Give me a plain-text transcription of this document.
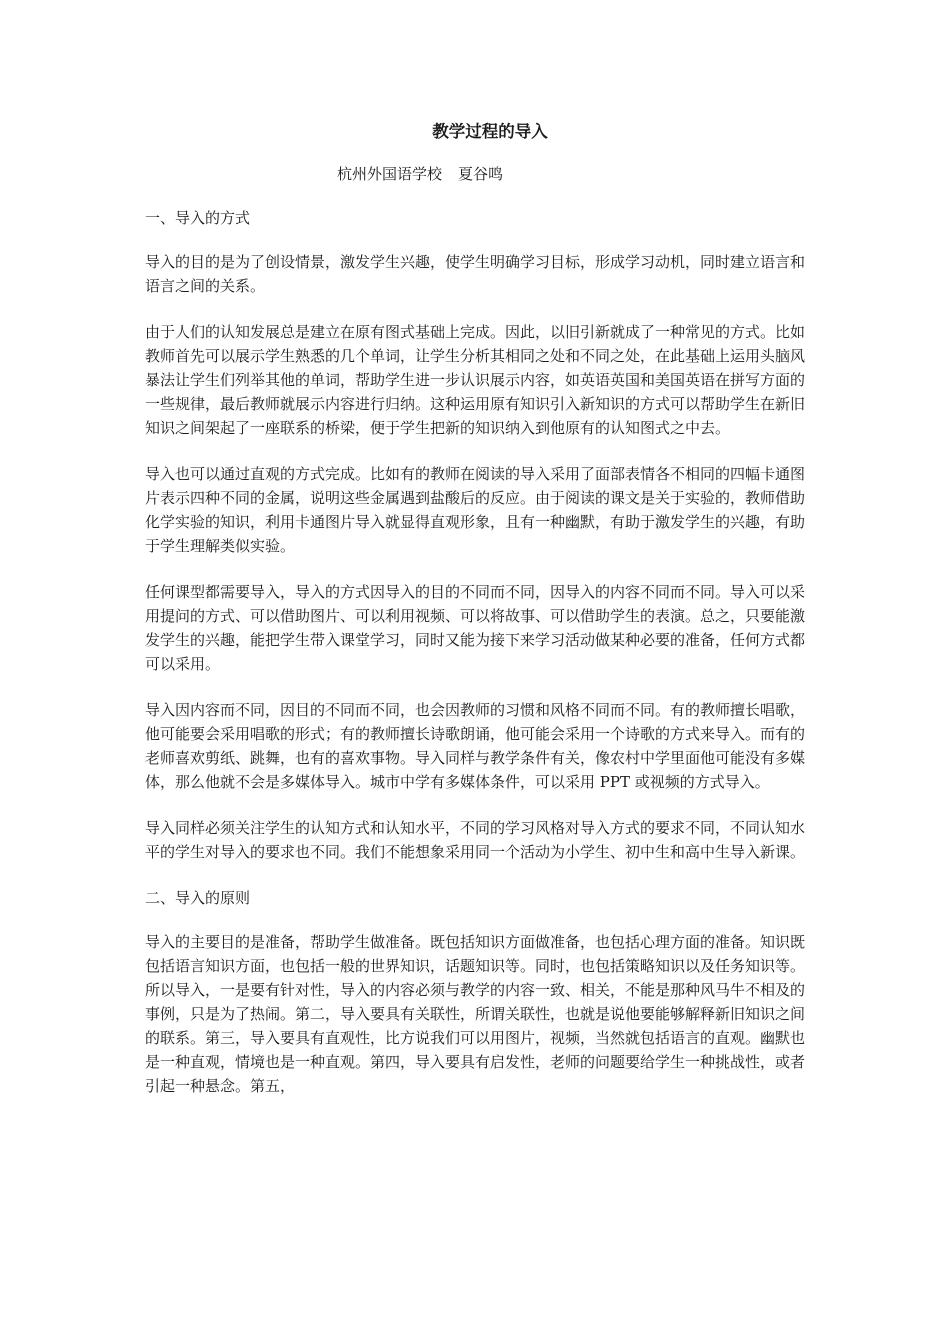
教学过程的导入
杭州外国语学校 夏谷鸣
一、导入的方式

导入的目的是为了创设情景，激发学生兴趣，使学生明确学习目标，形成学习动机，同时建立语言和语言之间的关系。

由于人们的认知发展总是建立在原有图式基础上完成。因此，以旧引新就成了一种常见的方式。比如教师首先可以展示学生熟悉的几个单词，让学生分析其相同之处和不同之处，在此基础上运用头脑风暴法让学生们列举其他的单词，帮助学生进一步认识展示内容，如英语英国和美国英语在拼写方面的一些规律，最后教师就展示内容进行归纳。这种运用原有知识引入新知识的方式可以帮助学生在新旧知识之间架起了一座联系的桥梁，便于学生把新的知识纳入到他原有的认知图式之中去。

导入也可以通过直观的方式完成。比如有的教师在阅读的导入采用了面部表情各不相同的四幅卡通图片表示四种不同的金属，说明这些金属遇到盐酸后的反应。由于阅读的课文是关于实验的，教师借助化学实验的知识，利用卡通图片导入就显得直观形象，且有一种幽默，有助于激发学生的兴趣，有助于学生理解类似实验。

任何课型都需要导入，导入的方式因导入的目的不同而不同，因导入的内容不同而不同。导入可以采用提问的方式、可以借助图片、可以利用视频、可以将故事、可以借助学生的表演。总之，只要能激发学生的兴趣，能把学生带入课堂学习，同时又能为接下来学习活动做某种必要的准备，任何方式都可以采用。

导入因内容而不同，因目的不同而不同，也会因教师的习惯和风格不同而不同。有的教师擅长唱歌，他可能要会采用唱歌的形式；有的教师擅长诗歌朗诵，他可能会采用一个诗歌的方式来导入。而有的老师喜欢剪纸、跳舞，也有的喜欢事物。导入同样与教学条件有关，像农村中学里面他可能没有多媒体，那么他就不会是多媒体导入。城市中学有多媒体条件，可以采用 PPT 或视频的方式导入。

导入同样必须关注学生的认知方式和认知水平，不同的学习风格对导入方式的要求不同，不同认知水平的学生对导入的要求也不同。我们不能想象采用同一个活动为小学生、初中生和高中生导入新课。

二、导入的原则

导入的主要目的是准备，帮助学生做准备。既包括知识方面做准备，也包括心理方面的准备。知识既包括语言知识方面，也包括一般的世界知识，话题知识等。同时，也包括策略知识以及任务知识等。所以导入，一是要有针对性，导入的内容必须与教学的内容一致、相关，不能是那种风马牛不相及的事例，只是为了热闹。第二，导入要具有关联性，所谓关联性，也就是说他要能够解释新旧知识之间的联系。第三，导入要具有直观性，比方说我们可以用图片，视频，当然就包括语言的直观。幽默也是一种直观，情境也是一种直观。第四，导入要具有启发性，老师的问题要给学生一种挑战性，或者引起一种悬念。第五，
